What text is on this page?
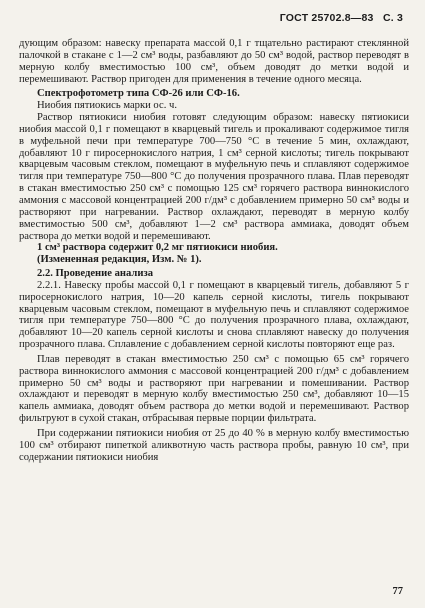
ГОСТ 25702.8—83 С. 3

дующим образом: навеску препарата массой 0,1 г тщательно растирают стеклянной палочкой в стакане с 1—2 см³ воды, разбавляют до 50 см³ водой, раствор переводят в мерную колбу вместимостью 100 см³, объем доводят до метки водой и перемешивают. Раствор пригоден для применения в течение одного месяца.

Спектрофотометр типа СФ-26 или СФ-16.

Ниобия пятиокись марки ос. ч.

Раствор пятиокиси ниобия готовят следующим образом: навеску пятиокиси ниобия массой 0,1 г помещают в кварцевый тигель и прокаливают содержимое тигля в муфельной печи при температуре 700—750 °С в течение 5 мин, охлаждают, добавляют 10 г пиросернокислого натрия, 1 см³ серной кислоты; тигель покрывают кварцевым часовым стеклом, помещают в муфельную печь и сплавляют содержимое тигля при температуре 750—800 °С до получения прозрачного плава. Плав переводят в стакан вместимостью 250 см³ с помощью 125 см³ горячего раствора виннокислого аммония с массовой концентрацией 200 г/дм³ с добавлением примерно 50 см³ воды и растворяют при нагревании. Раствор охлаждают, переводят в мерную колбу вместимостью 500 см³, добавляют 1—2 см³ раствора аммиака, доводят объем раствора до метки водой и перемешивают.

1 см³ раствора содержит 0,2 мг пятиокиси ниобия.

(Измененная редакция, Изм. № 1).

2.2. Проведение анализа

2.2.1. Навеску пробы массой 0,1 г помещают в кварцевый тигель, добавляют 5 г пиросернокислого натрия, 10—20 капель серной кислоты, тигель покрывают кварцевым часовым стеклом, помещают в муфельную печь и сплавляют содержимое тигля при температуре 750—800 °С до получения прозрачного плава, охлаждают, добавляют 10—20 капель серной кислоты и снова сплавляют навеску до получения прозрачного плава. Сплавление с добавлением серной кислоты повторяют еще раз.

Плав переводят в стакан вместимостью 250 см³ с помощью 65 см³ горячего раствора виннокислого аммония с массовой концентрацией 200 г/дм³ с добавлением примерно 50 см³ воды и растворяют при нагревании и помешивании. Раствор охлаждают и переводят в мерную колбу вместимостью 250 см³, добавляют 10—15 капель аммиака, доводят объем раствора до метки водой и перемешивают. Раствор фильтруют в сухой стакан, отбрасывая первые порции фильтрата.

При содержании пятиокиси ниобия от 25 до 40 % в мерную колбу вместимостью 100 см³ отбирают пипеткой аликвотную часть раствора пробы, равную 10 см³, при содержании пятиокиси ниобия

77
